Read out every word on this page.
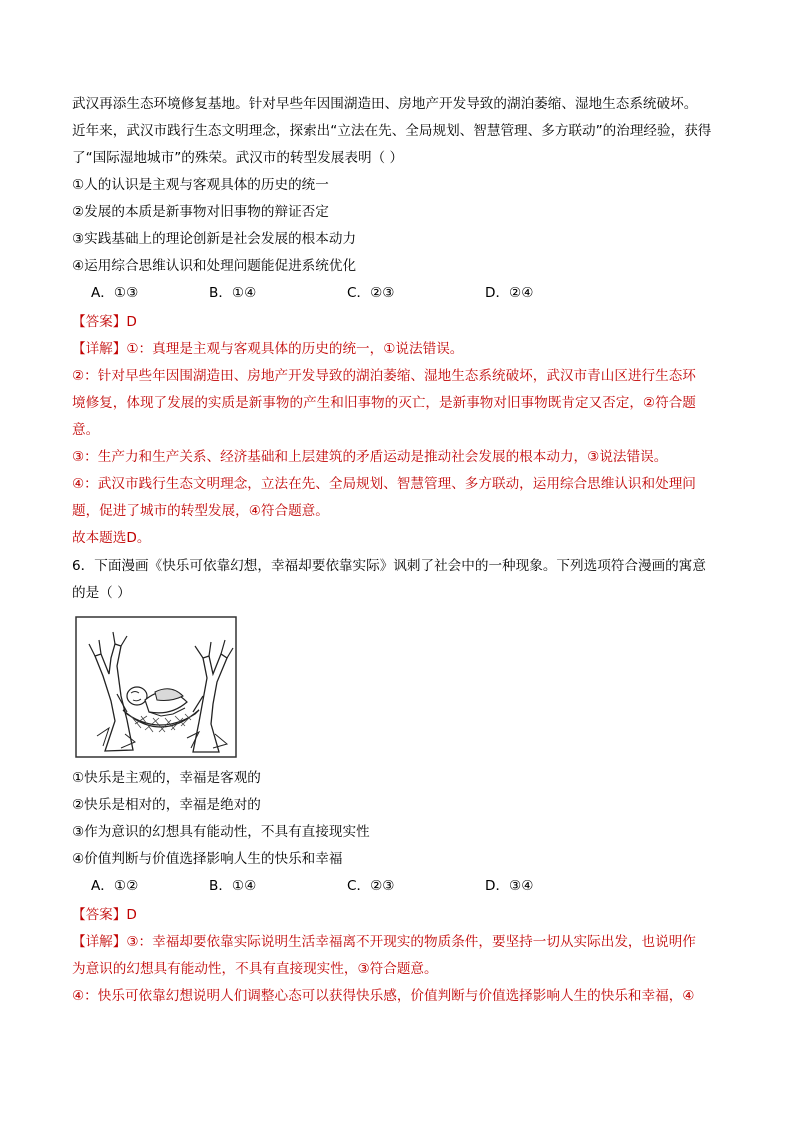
武汉再添生态环境修复基地。针对早些年因围湖造田、房地产开发导致的湖泊萎缩、湿地生态系统破坏。
近年来，武汉市践行生态文明理念，探索出“立法在先、全局规划、智慧管理、多方联动”的治理经验，获得
了“国际湿地城市”的殊荣。武汉市的转型发展表明（ ）
①人的认识是主观与客观具体的历史的统一
②发展的本质是新事物对旧事物的辩证否定
③实践基础上的理论创新是社会发展的根本动力
④运用综合思维认识和处理问题能促进系统优化
A．①③	B．①④	C．②③	D．②④
【答案】D
【详解】①：真理是主观与客观具体的历史的统一，①说法错误。
②：针对早些年因围湖造田、房地产开发导致的湖泊萎缩、湿地生态系统破坏，武汉市青山区进行生态环
境修复，体现了发展的实质是新事物的产生和旧事物的灭亡，是新事物对旧事物既肯定又否定，②符合题
意。
③：生产力和生产关系、经济基础和上层建筑的矛盾运动是推动社会发展的根本动力，③说法错误。
④：武汉市践行生态文明理念，立法在先、全局规划、智慧管理、多方联动，运用综合思维认识和处理问
题，促进了城市的转型发展，④符合题意。
故本题选D。
6．下面漫画《快乐可依靠幻想，幸福却要依靠实际》讽刺了社会中的一种现象。下列选项符合漫画的寓意
的是（ ）
①快乐是主观的，幸福是客观的
②快乐是相对的，幸福是绝对的
③作为意识的幻想具有能动性，不具有直接现实性
④价值判断与价值选择影响人生的快乐和幸福
A．①②	B．①④	C．②③	D．③④
【答案】D
【详解】③：幸福却要依靠实际说明生活幸福离不开现实的物质条件，要坚持一切从实际出发，也说明作
为意识的幻想具有能动性，不具有直接现实性，③符合题意。
④：快乐可依靠幻想说明人们调整心态可以获得快乐感，价值判断与价值选择影响人生的快乐和幸福，④
